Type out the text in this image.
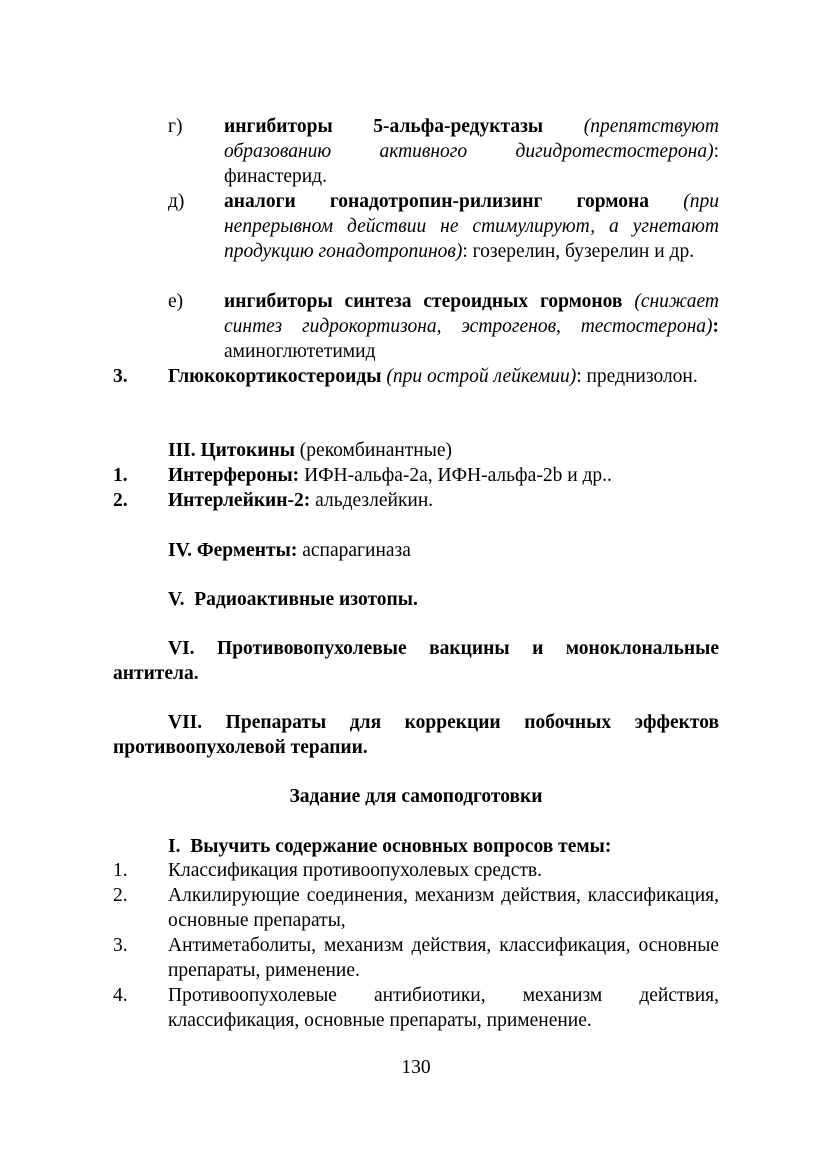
г) ингибиторы 5-альфа-редуктазы (препятствуют образованию активного дигидротестостерона): финастерид.
д) аналоги гонадотропин-рилизинг гормона (при непрерывном действии не стимулируют, а угнетают продукцию гонадотропинов): гозерелин, бузерелин и др.
е) ингибиторы синтеза стероидных гормонов (снижает синтез гидрокортизона, эстрогенов, тестостерона): аминоглютетимид
3. Глюкокортикостероиды (при острой лейкемии): преднизолон.
III. Цитокины (рекомбинантные)
1. Интерфероны: ИФН-альфа-2а, ИФН-альфа-2b и др..
2. Интерлейкин-2: альдезлейкин.
IV. Ферменты: аспарагиназа
V.  Радиоактивные изотопы.
VI. Противовопухолевые вакцины и моноклональные антитела.
VII. Препараты для коррекции побочных эффектов противоопухолевой терапии.
Задание для самоподготовки
I.  Выучить содержание основных вопросов темы:
1. Классификация противоопухолевых средств.
2. Алкилирующие соединения, механизм действия, классификация, основные препараты,
3. Антиметаболиты, механизм действия, классификация, основные препараты, рименение.
4. Противоопухолевые антибиотики, механизм действия, классификация, основные препараты, применение.
130
